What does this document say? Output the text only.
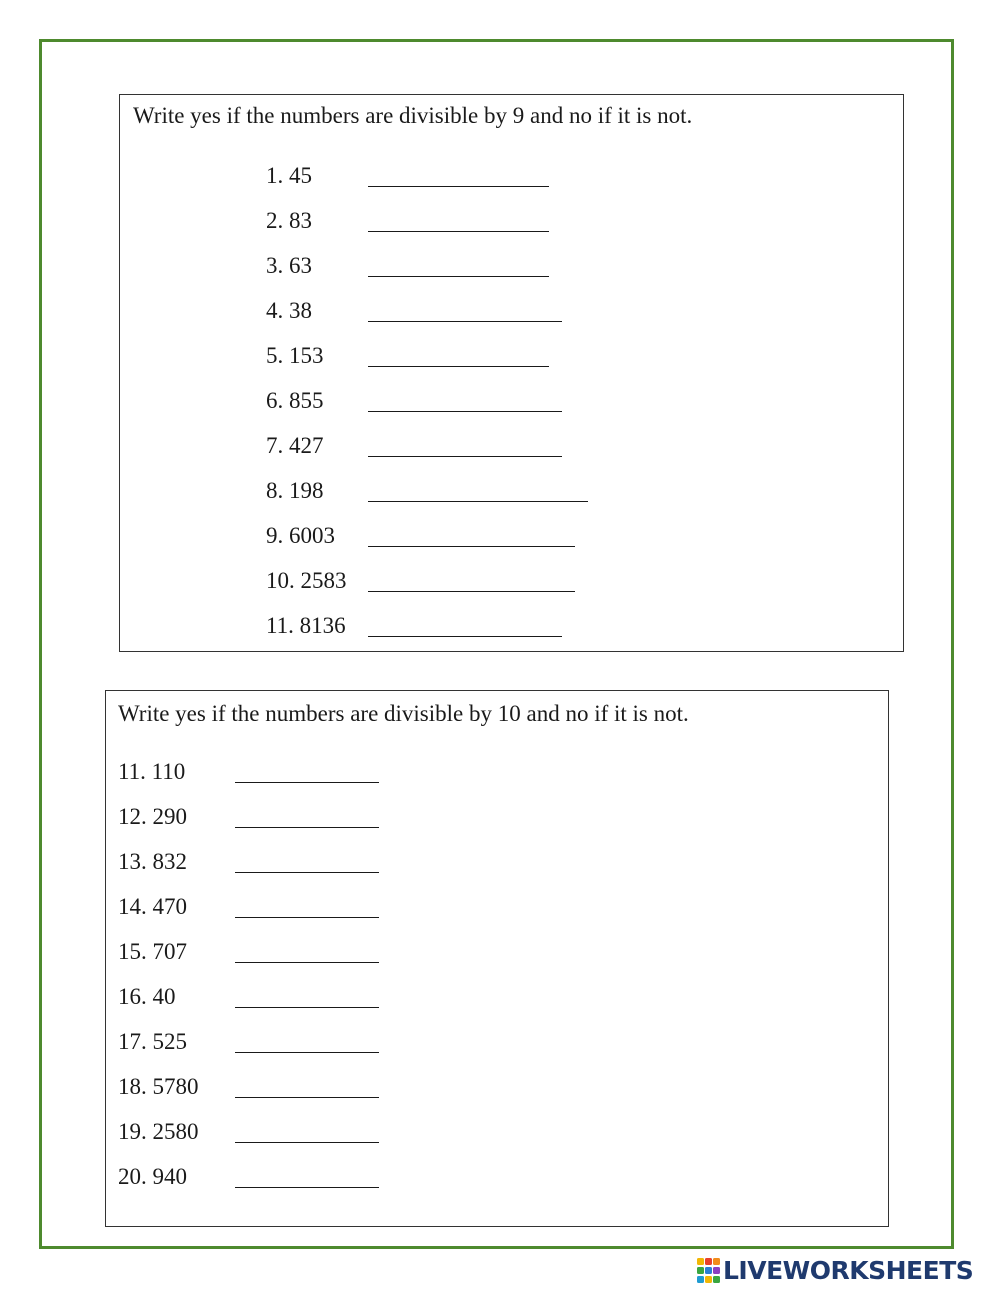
Write yes if the numbers are divisible by 9 and no if it is not.
1. 45
2. 83
3. 63
4. 38
5. 153
6. 855
7. 427
8. 198
9. 6003
10. 2583
11. 8136
Write yes if the numbers are divisible by 10 and no if it is not.
11. 110
12. 290
13. 832
14. 470
15. 707
16. 40
17. 525
18. 5780
19. 2580
20. 940
LIVEWORKSHEETS
